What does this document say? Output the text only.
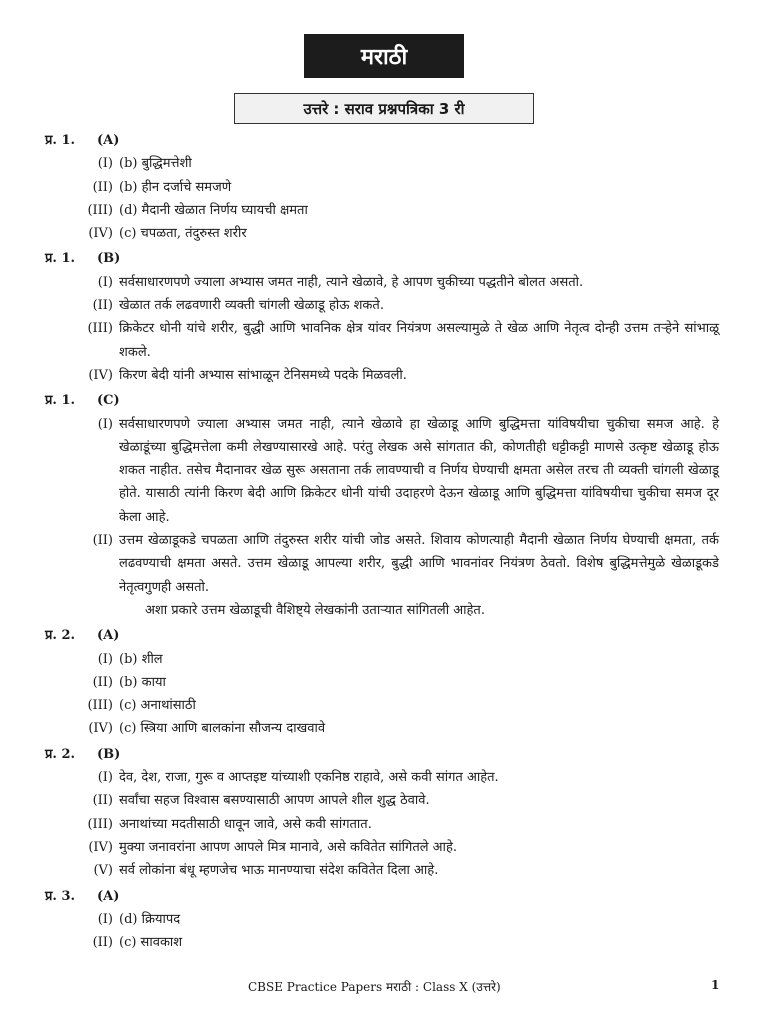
मराठी
उत्तरे : सराव प्रश्नपत्रिका 3 री
प्र. 1.	(A)
(I) (b) बुद्धिमत्तेशी
(II) (b) हीन दर्जाचे समजणे
(III) (d) मैदानी खेळात निर्णय घ्यायची क्षमता
(IV) (c) चपळता, तंदुरुस्त शरीर
प्र. 1.	(B)
(I) सर्वसाधारणपणे ज्याला अभ्यास जमत नाही, त्याने खेळावे, हे आपण चुकीच्या पद्धतीने बोलत असतो.
(II) खेळात तर्क लढवणारी व्यक्ती चांगली खेळाडू होऊ शकते.
(III) क्रिकेटर धोनी यांचे शरीर, बुद्धी आणि भावनिक क्षेत्र यांवर नियंत्रण असल्यामुळे ते खेळ आणि नेतृत्व दोन्ही उत्तम तऱ्हेने सांभाळू शकले.
(IV) किरण बेदी यांनी अभ्यास सांभाळून टेनिसमध्ये पदके मिळवली.
प्र. 1.	(C)
(I) सर्वसाधारणपणे ज्याला अभ्यास जमत नाही, त्याने खेळावे हा खेळाडू आणि बुद्धिमत्ता यांविषयीचा चुकीचा समज आहे. हे खेळाडूंच्या बुद्धिमत्तेला कमी लेखण्यासारखे आहे. परंतु लेखक असे सांगतात की, कोणतीही धट्टीकट्टी माणसे उत्कृष्ट खेळाडू होऊ शकत नाहीत. तसेच मैदानावर खेळ सुरू असताना तर्क लावण्याची व निर्णय घेण्याची क्षमता असेल तरच ती व्यक्ती चांगली खेळाडू होते. यासाठी त्यांनी किरण बेदी आणि क्रिकेटर धोनी यांची उदाहरणे देऊन खेळाडू आणि बुद्धिमत्ता यांविषयीचा चुकीचा समज दूर केला आहे.
(II) उत्तम खेळाडूकडे चपळता आणि तंदुरुस्त शरीर यांची जोड असते. शिवाय कोणत्याही मैदानी खेळात निर्णय घेण्याची क्षमता, तर्क लढवण्याची क्षमता असते. उत्तम खेळाडू आपल्या शरीर, बुद्धी आणि भावनांवर नियंत्रण ठेवतो. विशेष बुद्धिमत्तेमुळे खेळाडूकडे नेतृत्वगुणही असतो.
अशा प्रकारे उत्तम खेळाडूची वैशिष्ट्ये लेखकांनी उताऱ्यात सांगितली आहेत.
प्र. 2.	(A)
(I) (b) शील
(II) (b) काया
(III) (c) अनाथांसाठी
(IV) (c) स्त्रिया आणि बालकांना सौजन्य दाखवावे
प्र. 2.	(B)
(I) देव, देश, राजा, गुरू व आप्तइष्ट यांच्याशी एकनिष्ठ राहावे, असे कवी सांगत आहेत.
(II) सर्वांचा सहज विश्वास बसण्यासाठी आपण आपले शील शुद्ध ठेवावे.
(III) अनाथांच्या मदतीसाठी धावून जावे, असे कवी सांगतात.
(IV) मुक्या जनावरांना आपण आपले मित्र मानावे, असे कवितेत सांगितले आहे.
(V) सर्व लोकांना बंधू म्हणजेच भाऊ मानण्याचा संदेश कवितेत दिला आहे.
प्र. 3.	(A)
(I) (d) क्रियापद
(II) (c) सावकाश
CBSE Practice Papers मराठी : Class X (उत्तरे)	1
